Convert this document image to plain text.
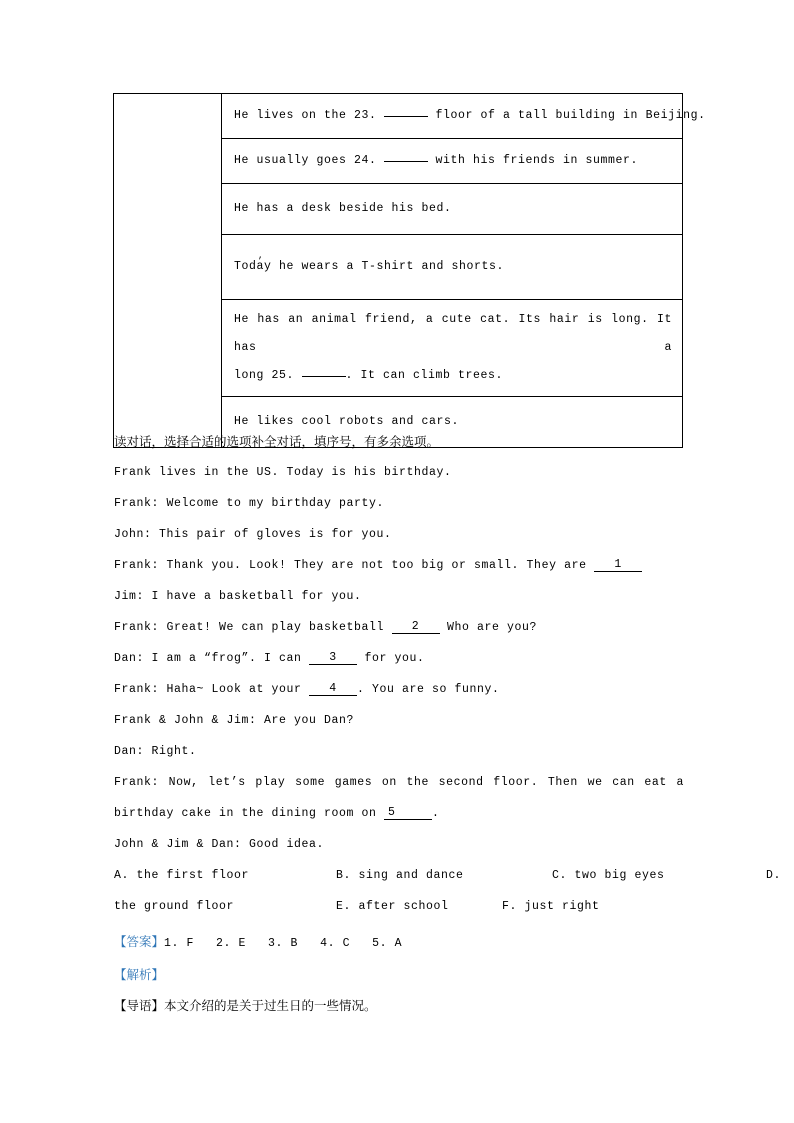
He lives on the 23.	floor of a tall building in Beijing.

He usually goes 24.	with his friends in summer.

He has a desk beside his bed.

Today he wears a T-shirt and shorts.
,

He has an animal friend, a cute cat. Its hair is long. It has a
long 25.	. It can climb trees.

He likes cool robots and cars.
读对话，选择合适的选项补全对话，填序号，有多余选项。
Frank lives in the US. Today is his birthday.
Frank: Welcome to my birthday party.
John: This pair of gloves is for you.
Frank: Thank you. Look! They are not too big or small. They are 1
Jim: I have a basketball for you.
Frank: Great! We can play basketball 2 Who are you?
Dan: I am a “frog”. I can 3 for you.
Frank: Haha~ Look at your 4 . You are so funny.
Frank & John & Jim: Are you Dan?
Dan: Right.
Frank: Now, let’s play some games on the second floor. Then we can eat a
birthday cake in the dining room on 5	.
John & Jim & Dan: Good idea.
A. the first floor	B. sing and dance	C. two big eyes	D.
the ground floor	E. after school	F. just right
【答案】1. F 2. E 3. B 4. C 5. A
【解析】
【导语】本文介绍的是关于过生日的一些情况。
